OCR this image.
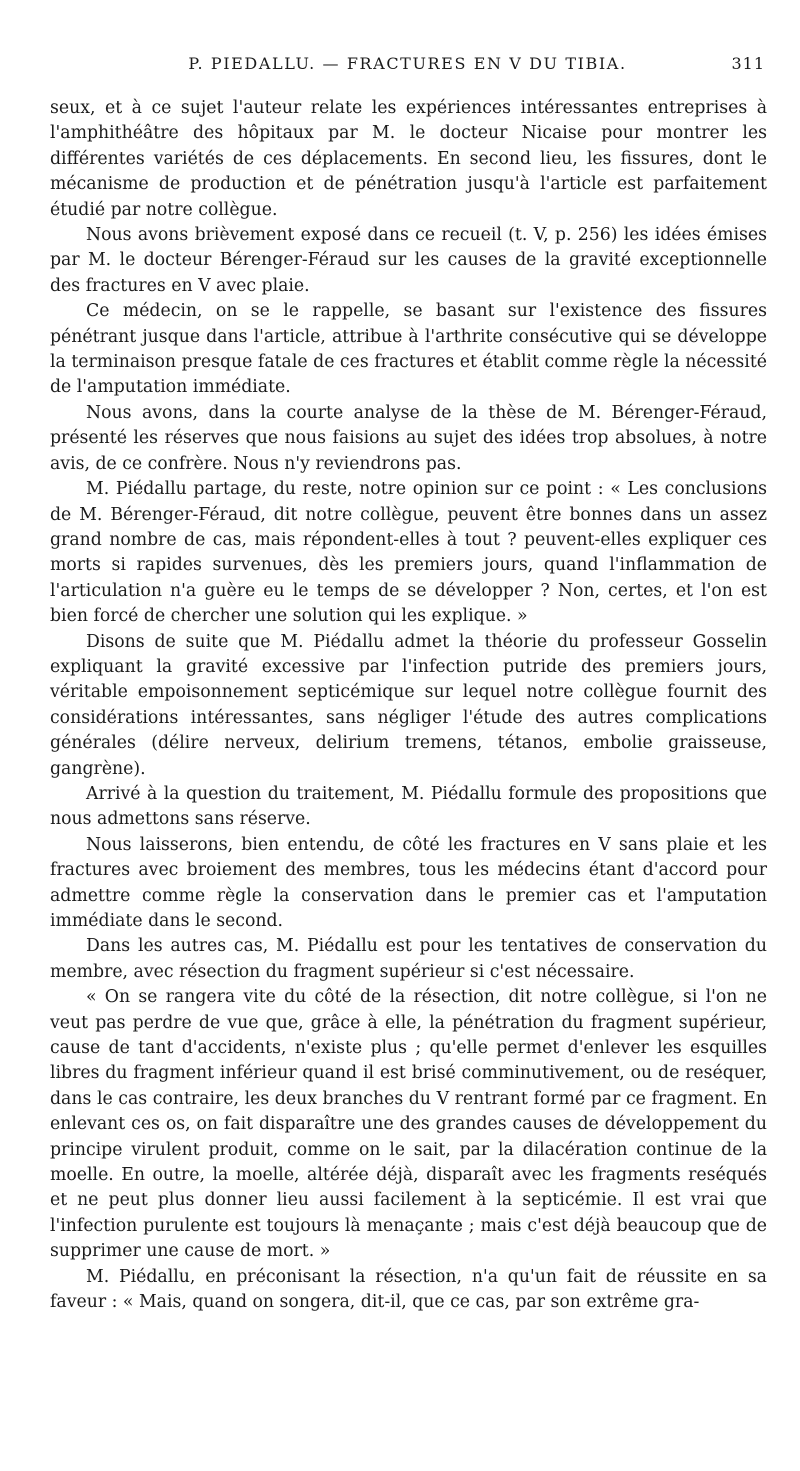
P. PIEDALLU. — FRACTURES EN V DU TIBIA.	311

seux, et à ce sujet l'auteur relate les expériences intéressantes entreprises à l'amphithéâtre des hôpitaux par M. le docteur Nicaise pour montrer les différentes variétés de ces déplacements. En second lieu, les fissures, dont le mécanisme de production et de pénétration jusqu'à l'article est parfaitement étudié par notre collègue.

Nous avons brièvement exposé dans ce recueil (t. V, p. 256) les idées émises par M. le docteur Bérenger-Féraud sur les causes de la gravité exceptionnelle des fractures en V avec plaie.

Ce médecin, on se le rappelle, se basant sur l'existence des fissures pénétrant jusque dans l'article, attribue à l'arthrite consécutive qui se développe la terminaison presque fatale de ces fractures et établit comme règle la nécessité de l'amputation immédiate.

Nous avons, dans la courte analyse de la thèse de M. Bérenger-Féraud, présenté les réserves que nous faisions au sujet des idées trop absolues, à notre avis, de ce confrère. Nous n'y reviendrons pas.

M. Piédallu partage, du reste, notre opinion sur ce point : « Les conclusions de M. Bérenger-Féraud, dit notre collègue, peuvent être bonnes dans un assez grand nombre de cas, mais répondent-elles à tout ? peuvent-elles expliquer ces morts si rapides survenues, dès les premiers jours, quand l'inflammation de l'articulation n'a guère eu le temps de se développer ? Non, certes, et l'on est bien forcé de chercher une solution qui les explique. »

Disons de suite que M. Piédallu admet la théorie du professeur Gosselin expliquant la gravité excessive par l'infection putride des premiers jours, véritable empoisonnement septicémique sur lequel notre collègue fournit des considérations intéressantes, sans négliger l'étude des autres complications générales (délire nerveux, delirium tremens, tétanos, embolie graisseuse, gangrène).

Arrivé à la question du traitement, M. Piédallu formule des propositions que nous admettons sans réserve.

Nous laisserons, bien entendu, de côté les fractures en V sans plaie et les fractures avec broiement des membres, tous les médecins étant d'accord pour admettre comme règle la conservation dans le premier cas et l'amputation immédiate dans le second.

Dans les autres cas, M. Piédallu est pour les tentatives de conservation du membre, avec résection du fragment supérieur si c'est nécessaire.

« On se rangera vite du côté de la résection, dit notre collègue, si l'on ne veut pas perdre de vue que, grâce à elle, la pénétration du fragment supérieur, cause de tant d'accidents, n'existe plus ; qu'elle permet d'enlever les esquilles libres du fragment inférieur quand il est brisé comminutivement, ou de reséquer, dans le cas contraire, les deux branches du V rentrant formé par ce fragment. En enlevant ces os, on fait disparaître une des grandes causes de développement du principe virulent produit, comme on le sait, par la dilacération continue de la moelle. En outre, la moelle, altérée déjà, disparaît avec les fragments reséqués et ne peut plus donner lieu aussi facilement à la septicémie. Il est vrai que l'infection purulente est toujours là menaçante ; mais c'est déjà beaucoup que de supprimer une cause de mort. »

M. Piédallu, en préconisant la résection, n'a qu'un fait de réussite en sa faveur : « Mais, quand on songera, dit-il, que ce cas, par son extrême gra-
